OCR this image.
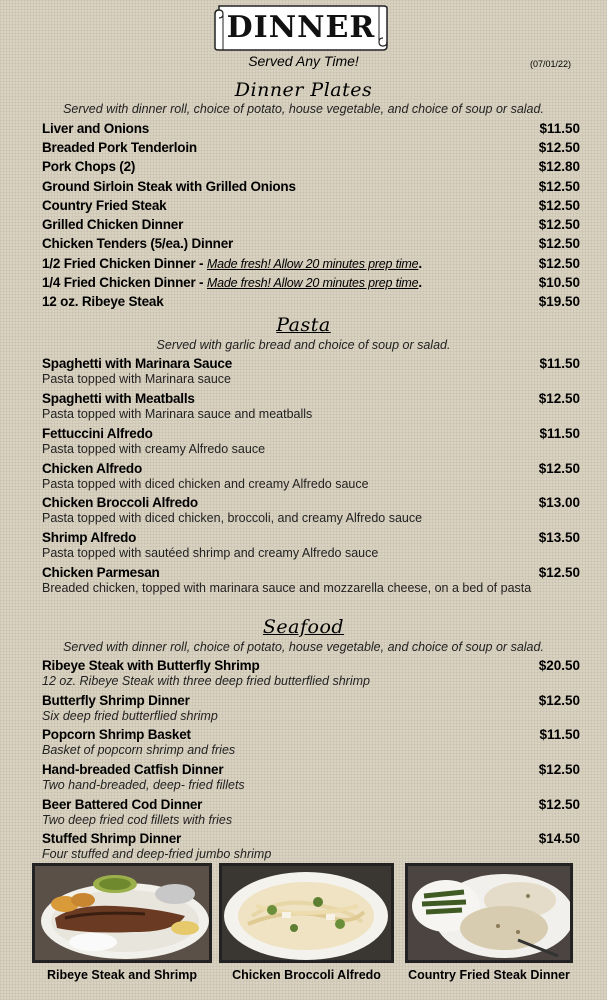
DINNER
Served Any Time!	(07/01/22)
Dinner Plates
Served with dinner roll, choice of potato, house vegetable, and choice of soup or salad.
Liver and Onions	$11.50
Breaded Pork Tenderloin	$12.50
Pork Chops (2)	$12.80
Ground Sirloin Steak with Grilled Onions	$12.50
Country Fried Steak	$12.50
Grilled Chicken Dinner	$12.50
Chicken Tenders (5/ea.) Dinner	$12.50
1/2 Fried Chicken Dinner - Made fresh! Allow 20 minutes prep time.	$12.50
1/4 Fried Chicken Dinner - Made fresh! Allow 20 minutes prep time.	$10.50
12 oz. Ribeye Steak	$19.50
Pasta
Served with garlic bread and choice of soup or salad.
Spaghetti with Marinara Sauce	$11.50
Pasta topped with Marinara sauce
Spaghetti with Meatballs	$12.50
Pasta topped with Marinara sauce and meatballs
Fettuccini Alfredo	$11.50
Pasta topped with creamy Alfredo sauce
Chicken Alfredo	$12.50
Pasta topped with diced chicken and creamy Alfredo sauce
Chicken Broccoli Alfredo	$13.00
Pasta topped with diced chicken, broccoli, and creamy Alfredo sauce
Shrimp Alfredo	$13.50
Pasta topped with sautéed shrimp and creamy Alfredo sauce
Chicken Parmesan	$12.50
Breaded chicken, topped with marinara sauce and mozzarella cheese, on a bed of pasta
Seafood
Served with dinner roll, choice of potato, house vegetable, and choice of soup or salad.
Ribeye Steak with Butterfly Shrimp	$20.50
12 oz. Ribeye Steak with three deep fried butterflied shrimp
Butterfly Shrimp Dinner	$12.50
Six deep fried butterflied shrimp
Popcorn Shrimp Basket	$11.50
Basket of popcorn shrimp and fries
Hand-breaded Catfish Dinner	$12.50
Two hand-breaded, deep- fried fillets
Beer Battered Cod Dinner	$12.50
Two deep fried cod fillets with fries
Stuffed Shrimp Dinner	$14.50
Four stuffed and deep-fried jumbo shrimp
Ribeye Steak and Shrimp	Chicken Broccoli Alfredo	Country Fried Steak Dinner
